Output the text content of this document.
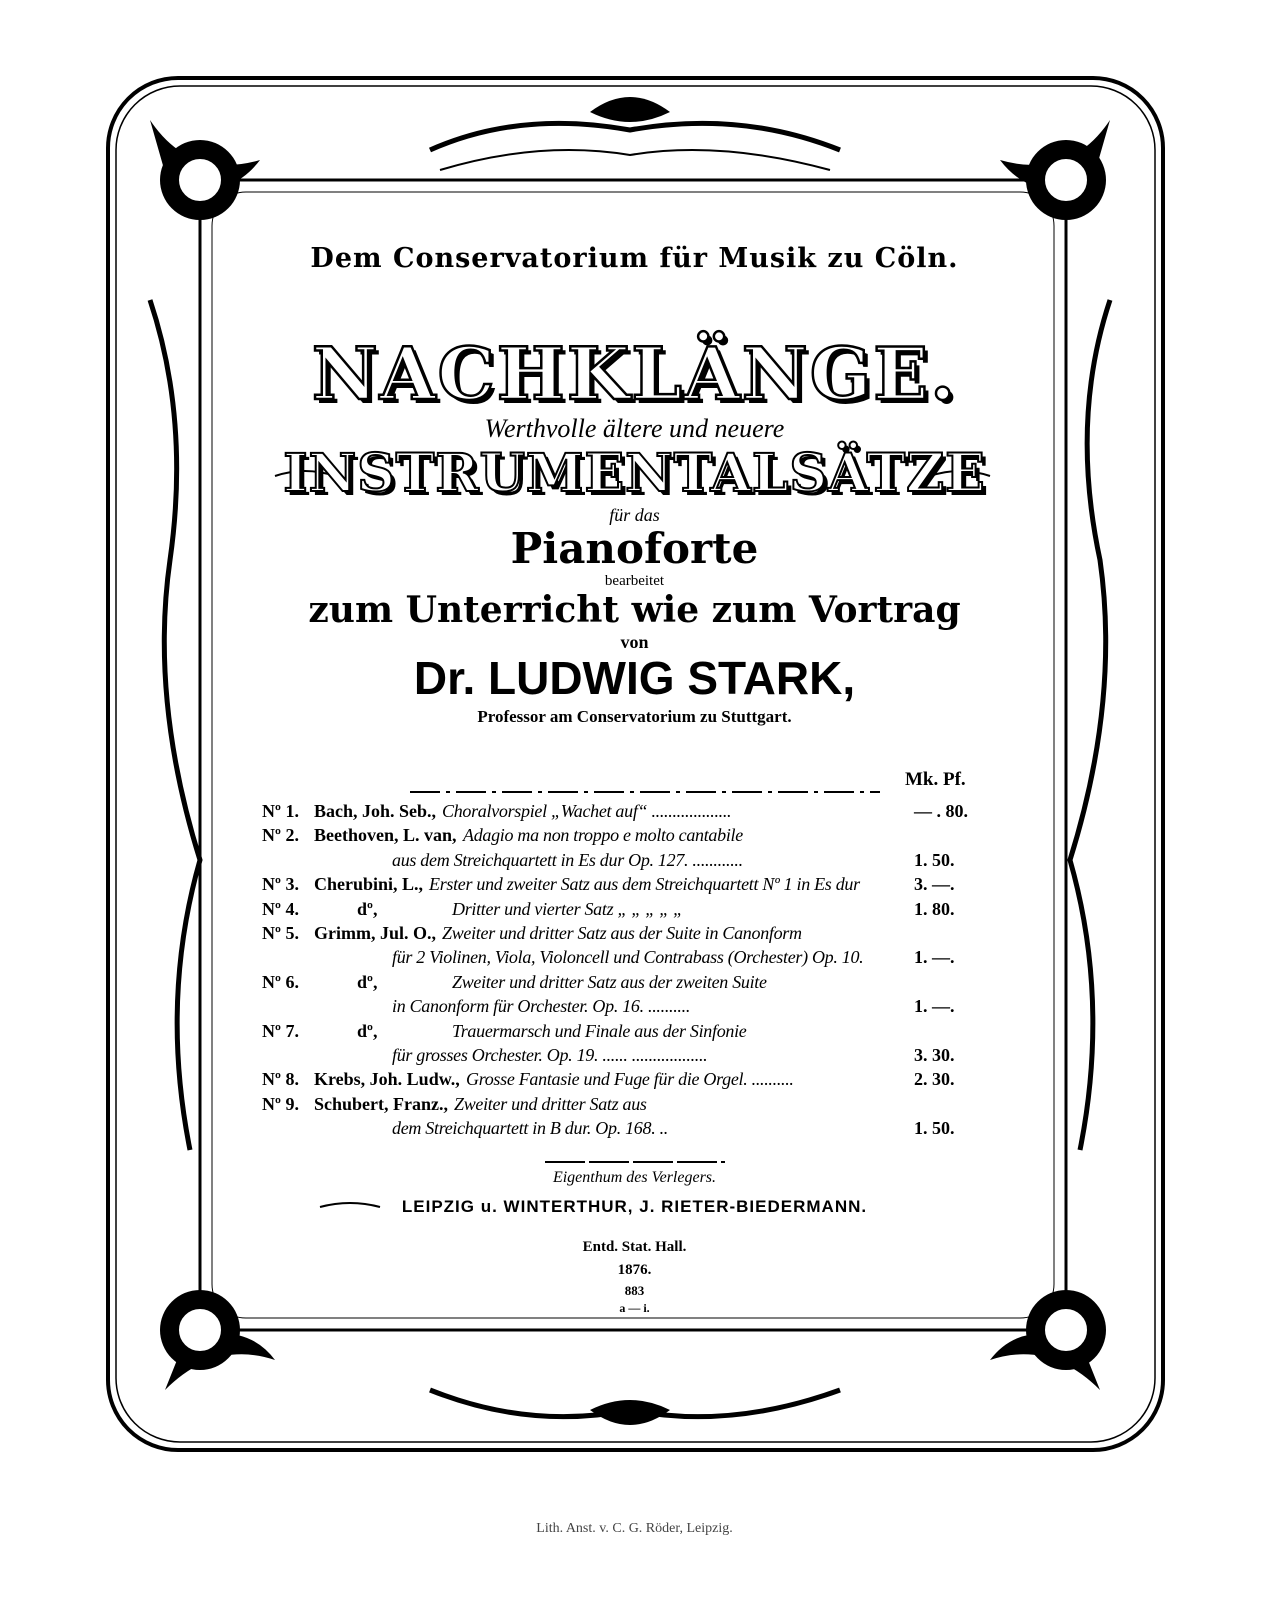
Dem Conservatorium für Musik zu Cöln.
NACHKLÄNGE.
Werthvolle ältere und neuere
INSTRUMENTALSÄTZE
für das
Pianoforte
bearbeitet
zum Unterricht wie zum Vortrag
von
Dr. LUDWIG STARK,
Professor am Conservatorium zu Stuttgart.
Mk. Pf.
Nº 1. Bach, Joh. Seb., Choralvorspiel „Wachet auf“ ...................	— . 80.
Nº 2. Beethoven, L. van, Adagio ma non troppo e molto cantabile
aus dem Streichquartett in Es dur Op. 127. ............	1. 50.
Nº 3. Cherubini, L., Erster und zweiter Satz aus dem Streichquartett Nº 1 in Es dur	3. —.
Nº 4.	dº,	Dritter und vierter Satz „ „ „ „ „	1. 80.
Nº 5. Grimm, Jul. O., Zweiter und dritter Satz aus der Suite in Canonform
für 2 Violinen, Viola, Violoncell und Contrabass (Orchester) Op. 10.	1. —.
Nº 6.	dº,	Zweiter und dritter Satz aus der zweiten Suite
in Canonform für Orchester. Op. 16. ..........	1. —.
Nº 7.	dº,	Trauermarsch und Finale aus der Sinfonie
für grosses Orchester. Op. 19. ...... ..................	3. 30.
Nº 8. Krebs, Joh. Ludw., Grosse Fantasie und Fuge für die Orgel. ..........	2. 30.
Nº 9. Schubert, Franz., Zweiter und dritter Satz aus
dem Streichquartett in B dur. Op. 168. ..	1. 50.
Eigenthum des Verlegers.
LEIPZIG u. WINTERTHUR, J. RIETER-BIEDERMANN.
Entd. Stat. Hall.
1876.
883
a — i.
Lith. Anst. v. C. G. Röder, Leipzig.
